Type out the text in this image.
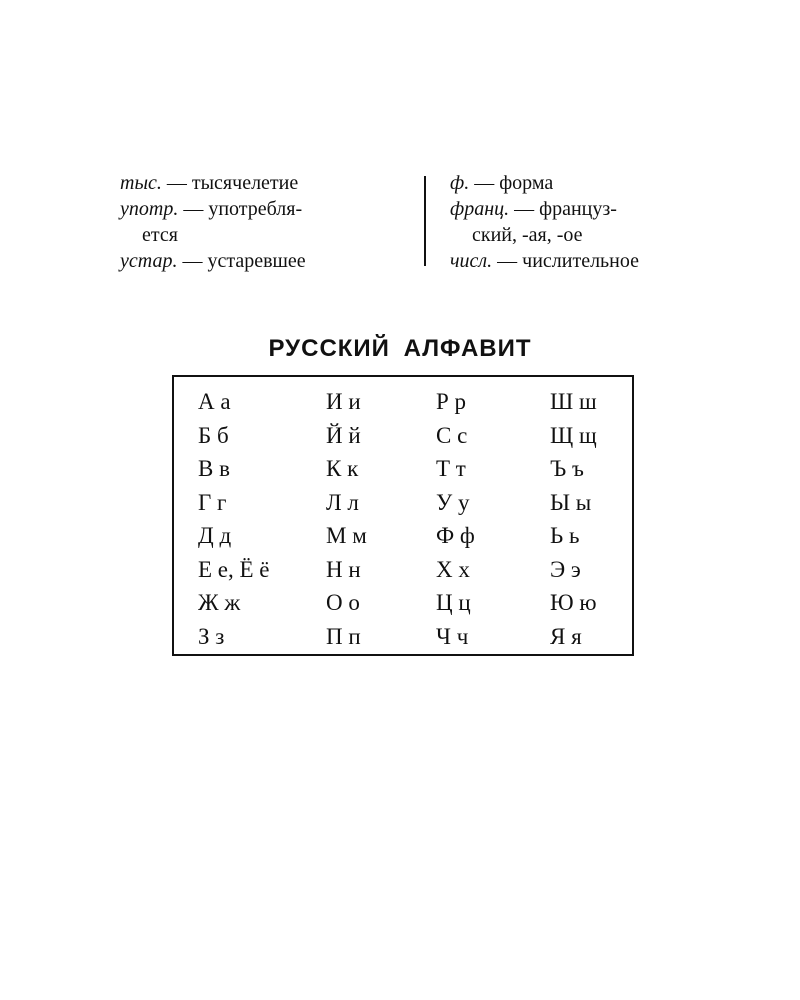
тыс. — тысячелетие
употр. — употребля-
ется
устар. — устаревшее
ф. — форма
франц. — француз-
ский, -ая, -ое
числ. — числительное
РУССКИЙ АЛФАВИТ
А а
Б б
В в
Г г
Д д
Е е, Ё ё
Ж ж
З з
И и
Й й
К к
Л л
М м
Н н
О о
П п
Р р
С с
Т т
У у
Ф ф
Х х
Ц ц
Ч ч
Ш ш
Щ щ
Ъ ъ
Ы ы
Ь ь
Э э
Ю ю
Я я
